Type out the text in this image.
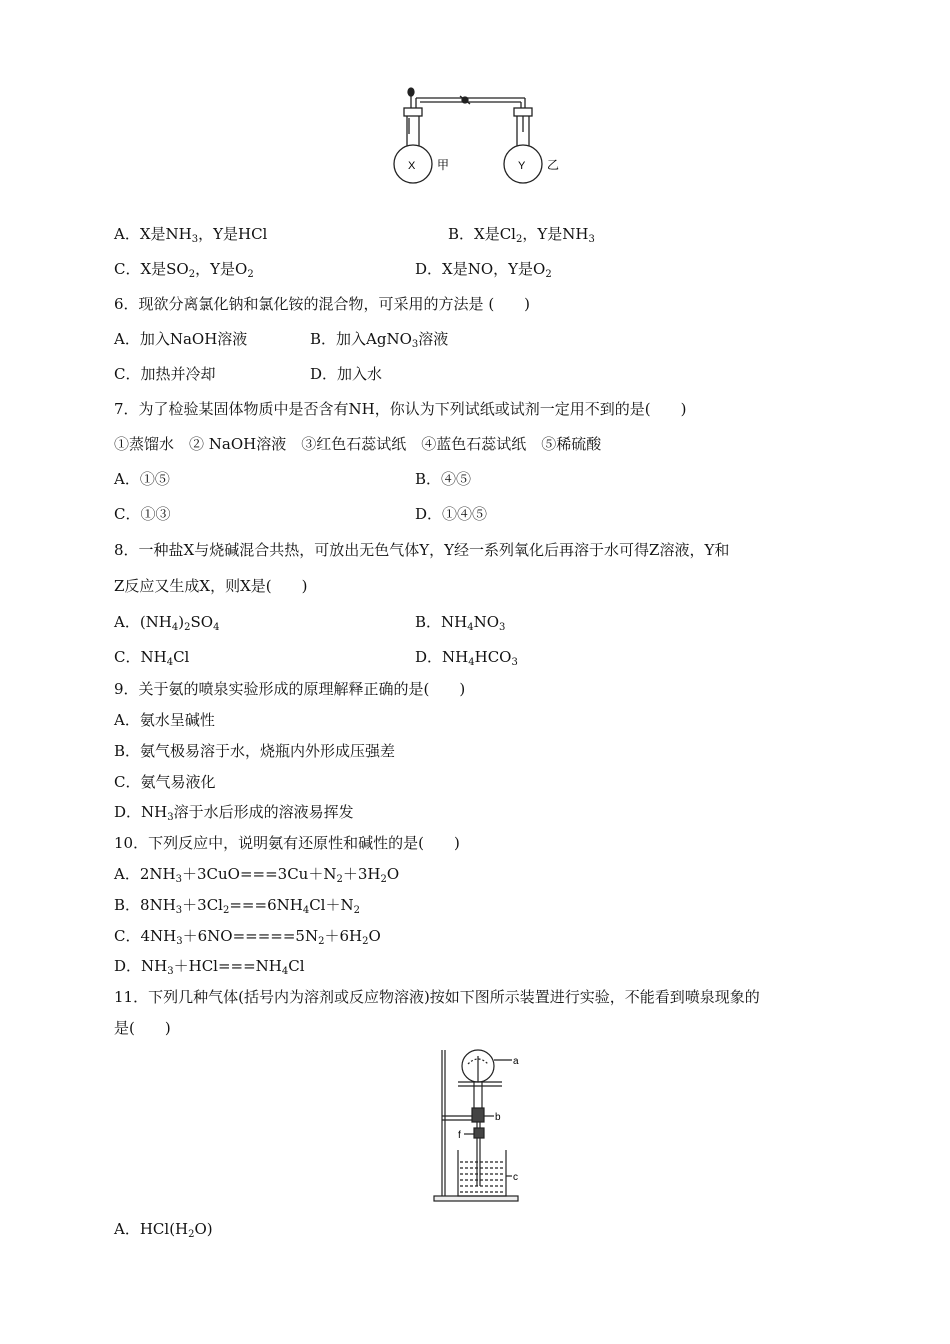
X 甲	Y 乙
A．X是$NH_3$，Y是HCl	B．X是$Cl_2$，Y是$NH_3$
C．X是$SO_2$，Y是$O_2$	D．X是NO，Y是$O_2$
6．现欲分离氯化钠和氯化铵的混合物，可采用的方法是 (　　)
A．加入NaOH溶液	B．加入AgNO$_3$溶液
C．加热并冷却	D．加入水
7．为了检验某固体物质中是否含有NH，你认为下列试纸或试剂一定用不到的是(　　)
①蒸馏水　② NaOH溶液　③红色石蕊试纸　④蓝色石蕊试纸　⑤稀硫酸
A．①⑤	B．④⑤
C．①③	D．①④⑤
8．一种盐X与烧碱混合共热，可放出无色气体Y，Y经一系列氧化后再溶于水可得Z溶液，Y和
Z反应又生成X，则X是(　　)
A．$(NH_4)_2SO_4$	B．$NH_4NO_3$
C．$NH_4Cl$	D．$NH_4HCO_3$
9．关于氨的喷泉实验形成的原理解释正确的是(　　)
A．氨水呈碱性
B．氨气极易溶于水，烧瓶内外形成压强差
C．氨气易液化
D．$NH_3$溶于水后形成的溶液易挥发
10．下列反应中，说明氨有还原性和碱性的是(　　)
A．$2NH_3+3CuO===3Cu+N_2+3H_2O$
B．$8NH_3+3Cl_2===6NH_4Cl+N_2$
C．$4NH_3+6NO=====5N_2+6H_2O$
D．$NH_3+HCl===NH_4Cl$
11．下列几种气体(括号内为溶剂或反应物溶液)按如下图所示装置进行实验，不能看到喷泉现象的
是(　　)
a
b
f
c
A．$HCl(H_2O)$
